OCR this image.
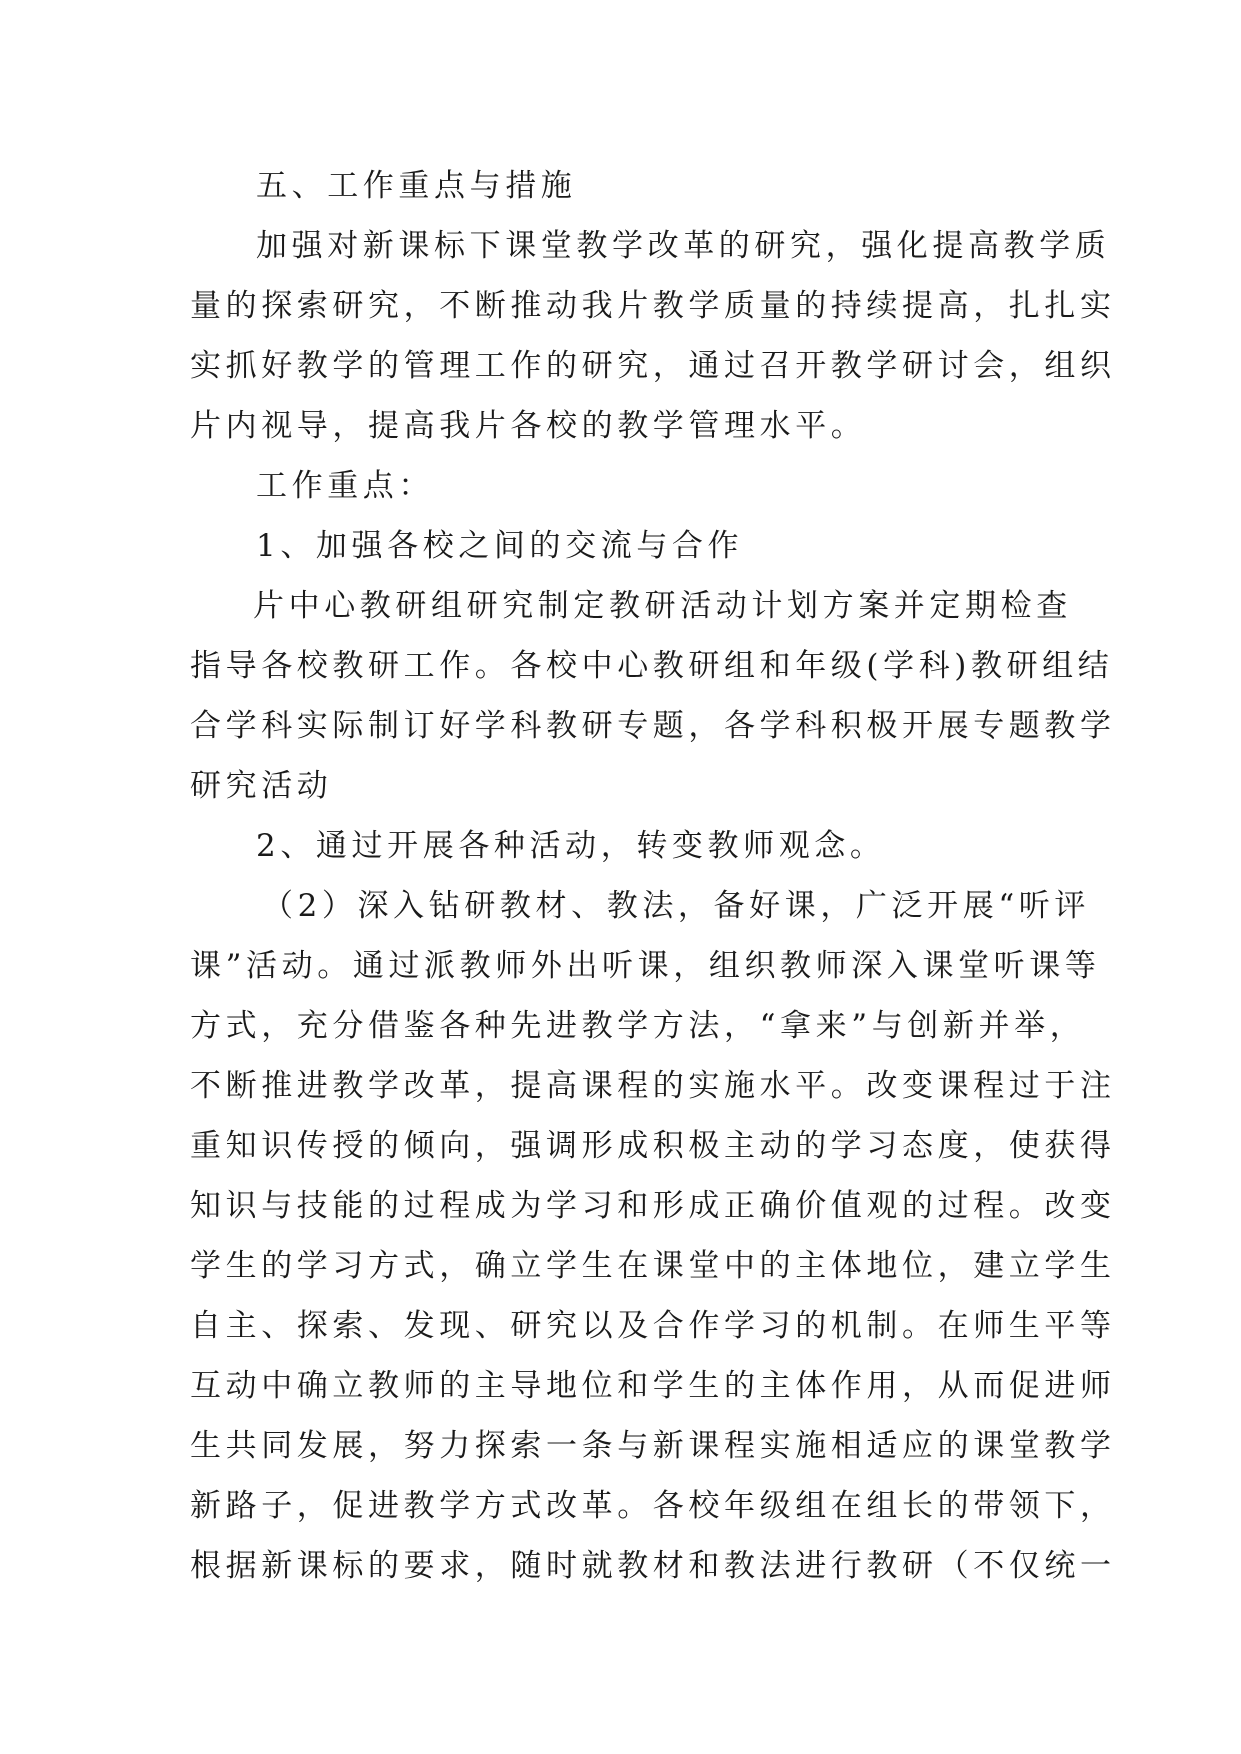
五、工作重点与措施
加强对新课标下课堂教学改革的研究，强化提高教学质
量的探索研究，不断推动我片教学质量的持续提高，扎扎实
实抓好教学的管理工作的研究，通过召开教学研讨会，组织
片内视导，提高我片各校的教学管理水平。
工作重点：
1、加强各校之间的交流与合作
片中心教研组研究制定教研活动计划方案并定期检查
指导各校教研工作。各校中心教研组和年级(学科)教研组结
合学科实际制订好学科教研专题，各学科积极开展专题教学
研究活动
2、通过开展各种活动，转变教师观念。
（2）深入钻研教材、教法，备好课，广泛开展“听评
课”活动。通过派教师外出听课，组织教师深入课堂听课等
方式，充分借鉴各种先进教学方法，“拿来”与创新并举，
不断推进教学改革，提高课程的实施水平。改变课程过于注
重知识传授的倾向，强调形成积极主动的学习态度，使获得
知识与技能的过程成为学习和形成正确价值观的过程。改变
学生的学习方式，确立学生在课堂中的主体地位，建立学生
自主、探索、发现、研究以及合作学习的机制。在师生平等
互动中确立教师的主导地位和学生的主体作用，从而促进师
生共同发展，努力探索一条与新课程实施相适应的课堂教学
新路子，促进教学方式改革。各校年级组在组长的带领下，
根据新课标的要求，随时就教材和教法进行教研（不仅统一
